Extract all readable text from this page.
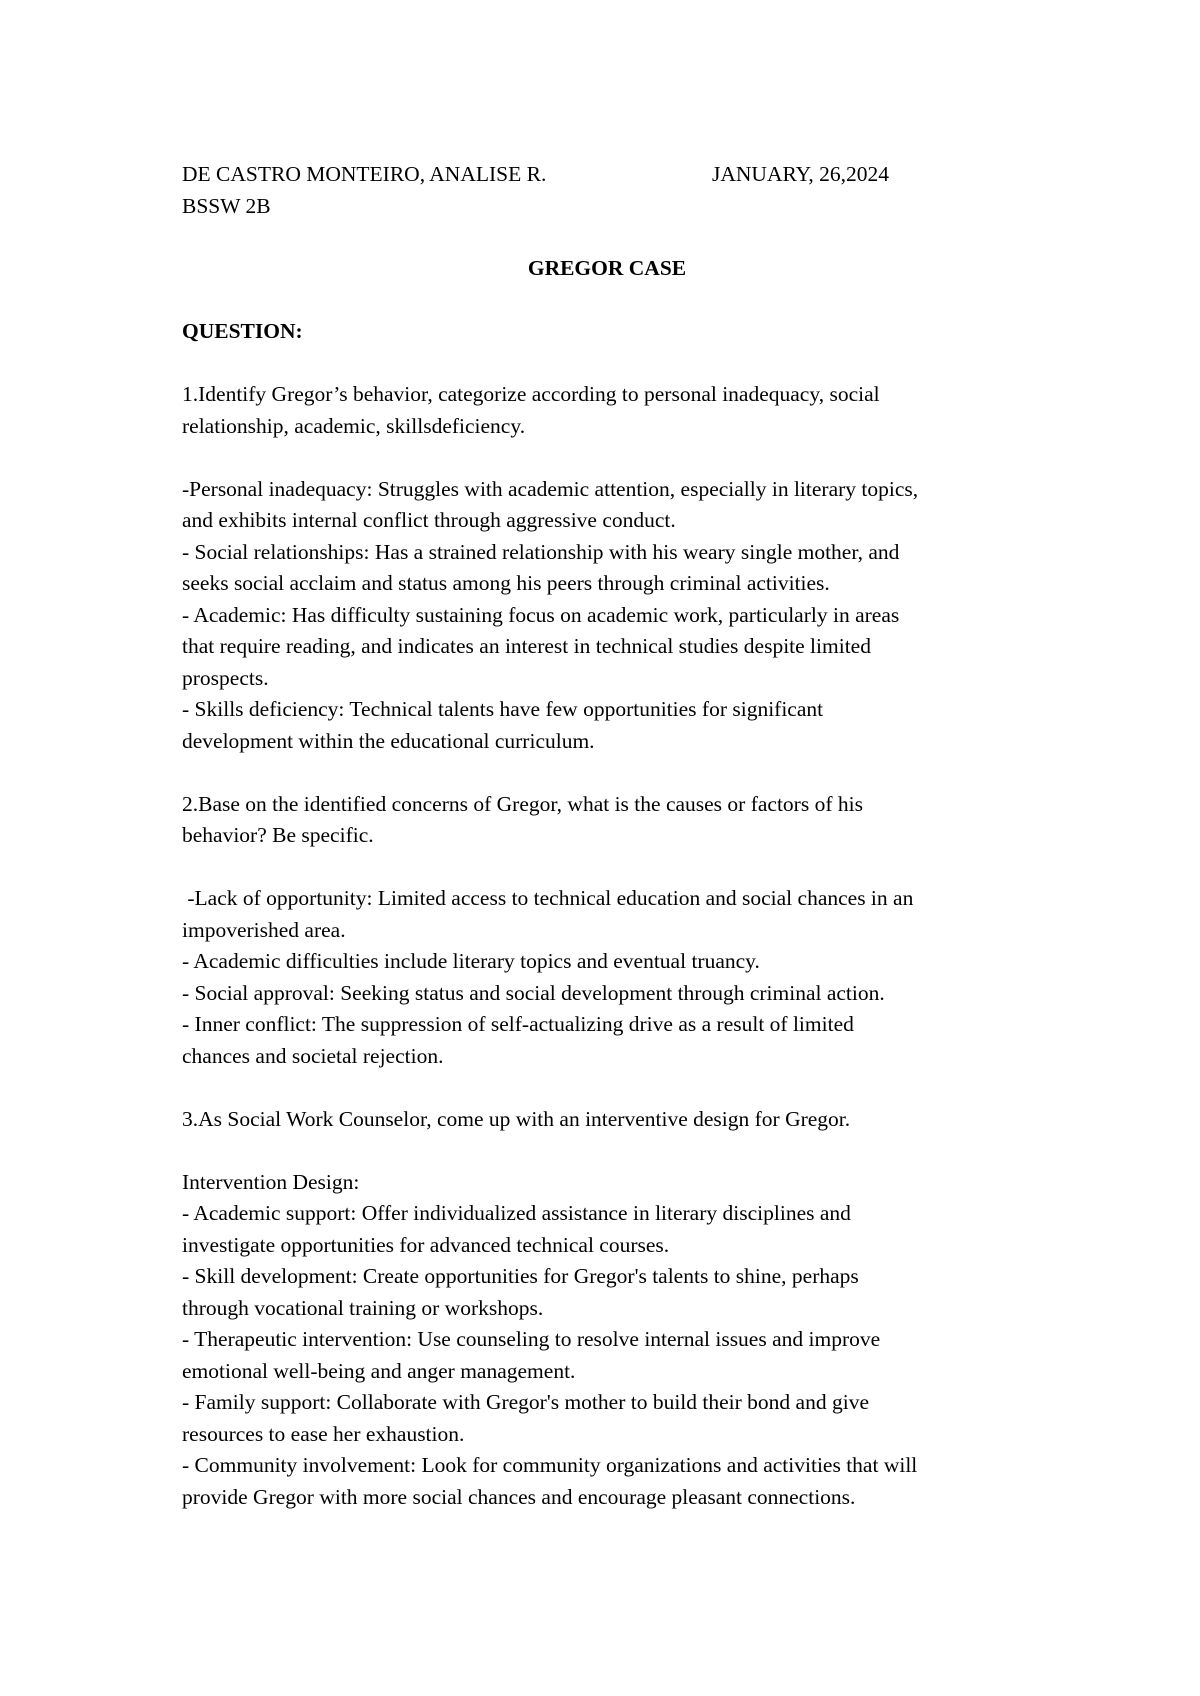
DE CASTRO MONTEIRO, ANALISE R.	JANUARY, 26,2024

BSSW 2B

GREGOR CASE

QUESTION:

1.Identify Gregor’s behavior, categorize according to personal inadequacy, social
relationship, academic, skillsdeficiency.
-Personal inadequacy: Struggles with academic attention, especially in literary topics,
and exhibits internal conflict through aggressive conduct.
- Social relationships: Has a strained relationship with his weary single mother, and
seeks social acclaim and status among his peers through criminal activities.
- Academic: Has difficulty sustaining focus on academic work, particularly in areas
that require reading, and indicates an interest in technical studies despite limited
prospects.
- Skills deficiency: Technical talents have few opportunities for significant
development within the educational curriculum.
2.Base on the identified concerns of Gregor, what is the causes or factors of his
behavior? Be specific.
-Lack of opportunity: Limited access to technical education and social chances in an
impoverished area.
- Academic difficulties include literary topics and eventual truancy.
- Social approval: Seeking status and social development through criminal action.
- Inner conflict: The suppression of self-actualizing drive as a result of limited
chances and societal rejection.
3.As Social Work Counselor, come up with an interventive design for Gregor.
Intervention Design:
- Academic support: Offer individualized assistance in literary disciplines and
investigate opportunities for advanced technical courses.
- Skill development: Create opportunities for Gregor's talents to shine, perhaps
through vocational training or workshops.
- Therapeutic intervention: Use counseling to resolve internal issues and improve
emotional well-being and anger management.
- Family support: Collaborate with Gregor's mother to build their bond and give
resources to ease her exhaustion.
- Community involvement: Look for community organizations and activities that will
provide Gregor with more social chances and encourage pleasant connections.
